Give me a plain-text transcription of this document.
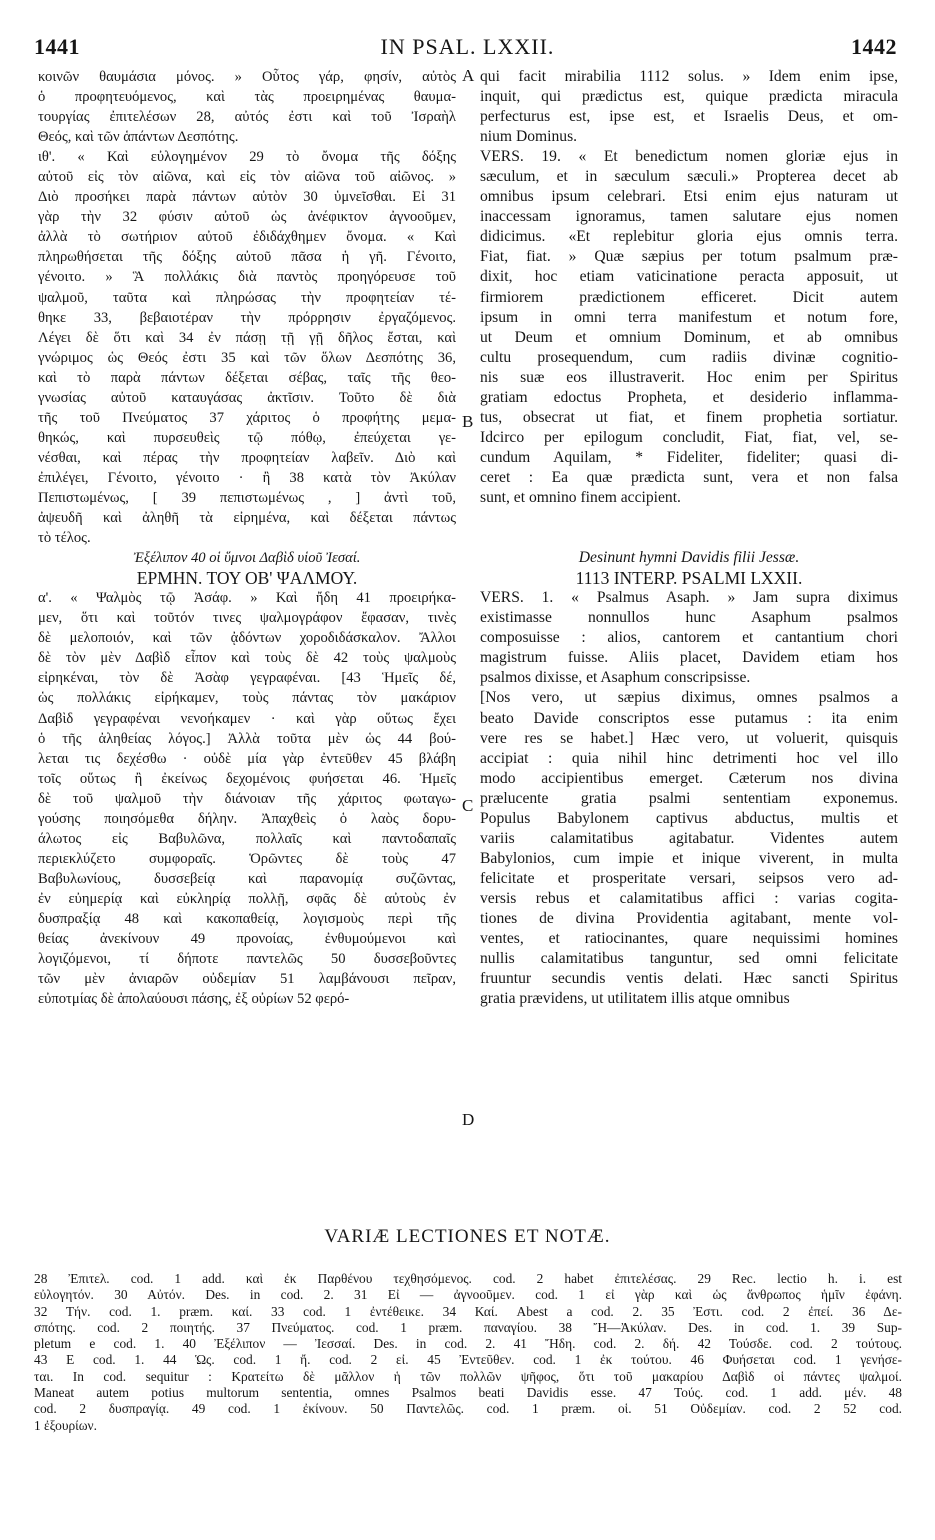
1441	IN PSAL. LXXII.	1442
κοινῶν θαυμάσια μόνος. » Οὗτος γάρ, φησίν, αὐτὸς
ὁ προφητευόμενος, καὶ τὰς προειρημένας θαυμα-
τουργίας ἐπιτελέσων 28, αὐτός ἐστι καὶ τοῦ Ἰσραὴλ
Θεός, καὶ τῶν ἁπάντων Δεσπότης.
ιθ'. « Καὶ εὐλογημένον 29 τὸ ὄνομα τῆς δόξης
αὐτοῦ εἰς τὸν αἰῶνα, καὶ εἰς τὸν αἰῶνα τοῦ αἰῶνος. »
Διὸ προσήκει παρὰ πάντων αὐτὸν 30 ὑμνεῖσθαι. Εἰ 31
γὰρ τὴν 32 φύσιν αὐτοῦ ὡς ἀνέφικτον ἀγνοοῦμεν,
ἀλλὰ τὸ σωτήριον αὐτοῦ ἐδιδάχθημεν ὄνομα. « Καὶ
πληρωθήσεται τῆς δόξης αὐτοῦ πᾶσα ἡ γῆ. Γένοιτο,
γένοιτο. » Ἃ πολλάκις διὰ παντὸς προηγόρευσε τοῦ
ψαλμοῦ, ταῦτα καὶ πληρώσας τὴν προφητείαν τέ-
θηκε 33, βεβαιοτέραν τὴν πρόρρησιν ἐργαζόμενος.
Λέγει δὲ ὅτι καὶ 34 ἐν πάσῃ τῇ γῇ δῆλος ἔσται, καὶ
γνώριμος ὡς Θεός ἐστι 35 καὶ τῶν ὅλων Δεσπότης 36,
καὶ τὸ παρὰ πάντων δέξεται σέβας, ταῖς τῆς θεο-
γνωσίας αὐτοῦ καταυγάσας ἀκτῖσιν. Τοῦτο δὲ διὰ
τῆς τοῦ Πνεύματος 37 χάριτος ὁ προφήτης μεμα-
θηκώς, καὶ πυρσευθεὶς τῷ πόθῳ, ἐπεύχεται γε-
νέσθαι, καὶ πέρας τὴν προφητείαν λαβεῖν. Διὸ καὶ
ἐπιλέγει, Γένοιτο, γένοιτο · ἢ 38 κατὰ τὸν Ἀκύλαν
Πεπιστωμένως, [ 39 πεπιστωμένως , ] ἀντὶ τοῦ,
ἀψευδῆ καὶ ἀληθῆ τὰ εἰρημένα, καὶ δέξεται πάντως
τὸ τέλος.
Ἐξέλιπον 40 οἱ ὕμνοι Δαβὶδ υἱοῦ Ἰεσαί.
ΕΡΜΗΝ. ΤΟΥ ΟΒ' ΨΑΛΜΟΥ.
α'. « Ψαλμὸς τῷ Ἀσάφ. » Καὶ ἤδη 41 προειρήκα-
μεν, ὅτι καὶ τοῦτόν τινες ψαλμογράφον ἔφασαν, τινὲς
δὲ μελοποιόν, καὶ τῶν ᾀδόντων χοροδιδάσκαλον. Ἄλλοι
δὲ τὸν μὲν Δαβὶδ εἶπον καὶ τοὺς δὲ 42 τοὺς ψαλμοὺς
εἰρηκέναι, τὸν δὲ Ἀσὰφ γεγραφέναι. [43 Ἡμεῖς δέ,
ὡς πολλάκις εἰρήκαμεν, τοὺς πάντας τὸν μακάριον
Δαβὶδ γεγραφέναι νενοήκαμεν · καὶ γὰρ οὕτως ἔχει
ὁ τῆς ἀληθείας λόγος.] Ἀλλὰ τοῦτα μὲν ὡς 44 βού-
λεται τις δεχέσθω · οὐδὲ μία γὰρ ἐντεῦθεν 45 βλάβη
τοῖς οὕτως ἢ ἐκείνως δεχομένοις φυήσεται 46. Ἡμεῖς
δὲ τοῦ ψαλμοῦ τὴν διάνοιαν τῆς χάριτος φωταγω-
γούσης ποιησόμεθα δήλην. Ἀπαχθεὶς ὁ λαὸς δορυ-
άλωτος εἰς Βαβυλῶνα, πολλαῖς καὶ παντοδαπαῖς
περιεκλύζετο συμφοραῖς. Ὁρῶντες δὲ τοὺς 47
Βαβυλωνίους, δυσσεβείᾳ καὶ παρανομίᾳ συζῶντας,
ἐν εὐημερίᾳ καὶ εὐκληρίᾳ πολλῇ, σφᾶς δὲ αὐτοὺς ἐν
δυσπραξίᾳ 48 καὶ κακοπαθείᾳ, λογισμοὺς περὶ τῆς
θείας ἀνεκίνουν 49 προνοίας, ἐνθυμούμενοι καὶ
λογιζόμενοι, τί δήποτε παντελῶς 50 δυσσεβοῦντες
τῶν μὲν ἀνιαρῶν οὐδεμίαν 51 λαμβάνουσι πεῖραν,
εὐποτμίας δὲ ἀπολαύουσι πάσης, ἐξ οὐρίων 52 φερό-
qui facit mirabilia 1112 solus. » Idem enim ipse,
inquit, qui prædictus est, quique prædicta miracula
perfecturus est, ipse est, et Israelis Deus, et om-
nium Dominus.
VERS. 19. « Et benedictum nomen gloriæ ejus in
sæculum, et in sæculum sæculi.» Propterea decet ab
omnibus ipsum celebrari. Etsi enim ejus naturam ut
inaccessam ignoramus, tamen salutare ejus nomen
didicimus. «Et replebitur gloria ejus omnis terra.
Fiat, fiat. » Quæ sæpius per totum psalmum præ-
dixit, hoc etiam vaticinatione peracta apposuit, ut
firmiorem prædictionem efficeret. Dicit autem
ipsum in omni terra manifestum et notum fore,
ut Deum et omnium Dominum, et ab omnibus
cultu prosequendum, cum radiis divinæ cognitio-
nis suæ eos illustraverit. Hoc enim per Spiritus
gratiam edoctus Propheta, et desiderio inflamma-
tus, obsecrat ut fiat, et finem prophetia sortiatur.
Idcirco per epilogum concludit, Fiat, fiat, vel, se-
cundum Aquilam, * Fideliter, fideliter; quasi di-
ceret : Ea quæ prædicta sunt, vera et non falsa
sunt, et omnino finem accipient.
Desinunt hymni Davidis filii Jessæ.
1113 INTERP. PSALMI LXXII.
VERS. 1. « Psalmus Asaph. » Jam supra diximus
existimasse nonnullos hunc Asaphum psalmos
composuisse : alios, cantorem et cantantium chori
magistrum fuisse. Aliis placet, Davidem etiam hos
psalmos dixisse, et Asaphum conscripsisse.
[Nos vero, ut sæpius diximus, omnes psalmos a
beato Davide conscriptos esse putamus : ita enim
vere res se habet.] Hæc vero, ut voluerit, quisquis
accipiat : quia nihil hinc detrimenti hoc vel illo
modo accipientibus emerget. Cæterum nos divina
prælucente gratia psalmi sententiam exponemus.
Populus Babylonem captivus abductus, multis et
variis calamitatibus agitabatur. Videntes autem
Babylonios, cum impie et inique viverent, in multa
felicitate et prosperitate versari, seipsos vero ad-
versis rebus et calamitatibus affici : varias cogita-
tiones de divina Providentia agitabant, mente vol-
ventes, et ratiocinantes, quare nequissimi homines
nullis calamitatibus tanguntur, sed omni felicitate
fruuntur secundis ventis delati. Hæc sancti Spiritus
gratia prævidens, ut utilitatem illis atque omnibus
A
B
C
D
VARIÆ LECTIONES ET NOTÆ.
28 Ἐπιτελ. cod. 1 add. καὶ ἐκ Παρθένου τεχθησόμενος. cod. 2 habet ἐπιτελέσας. 29 Rec. lectio h. i. est
εὐλογητόν. 30 Αὐτόν. Des. in cod. 2. 31 Εἰ — ἀγνοοῦμεν. cod. 1 εἰ γὰρ καὶ ὡς ἄνθρωπος ἡμῖν ἐφάνη.
32 Τήν. cod. 1. præm. καί. 33 cod. 1 ἐντέθεικε. 34 Καί. Abest a cod. 2. 35 Ἐστι. cod. 2 ἐπεί. 36 Δε-
σπότης. cod. 2 ποιητής. 37 Πνεύματος. cod. 1 præm. παναγίου. 38 Ἤ—Ἀκύλαν. Des. in cod. 1. 39 Sup-
pletum e cod. 1. 40 Ἐξέλιπον — Ἰεσσαί. Des. in cod. 2. 41 Ἤδη. cod. 2. δή. 42 Τούσδε. cod. 2 τούτους.
43 E cod. 1. 44 Ὡς. cod. 1 ἤ. cod. 2 εἰ. 45 Ἐντεῦθεν. cod. 1 ἐκ τούτου. 46 Φυήσεται cod. 1 γενήσε-
ται. In cod. sequitur : Κρατείτω δὲ μᾶλλον ἡ τῶν πολλῶν ψῆφος, ὅτι τοῦ μακαρίου Δαβὶδ οἱ πάντες ψαλμοί.
Maneat autem potius multorum sententia, omnes Psalmos beati Davidis esse. 47 Τούς. cod. 1 add. μέν. 48
cod. 2 δυσπραγίᾳ. 49 cod. 1 ἐκίνουν. 50 Παντελῶς. cod. 1 præm. οἱ. 51 Οὐδεμίαν. cod. 2 52 cod.
1 ἐξουρίων.
